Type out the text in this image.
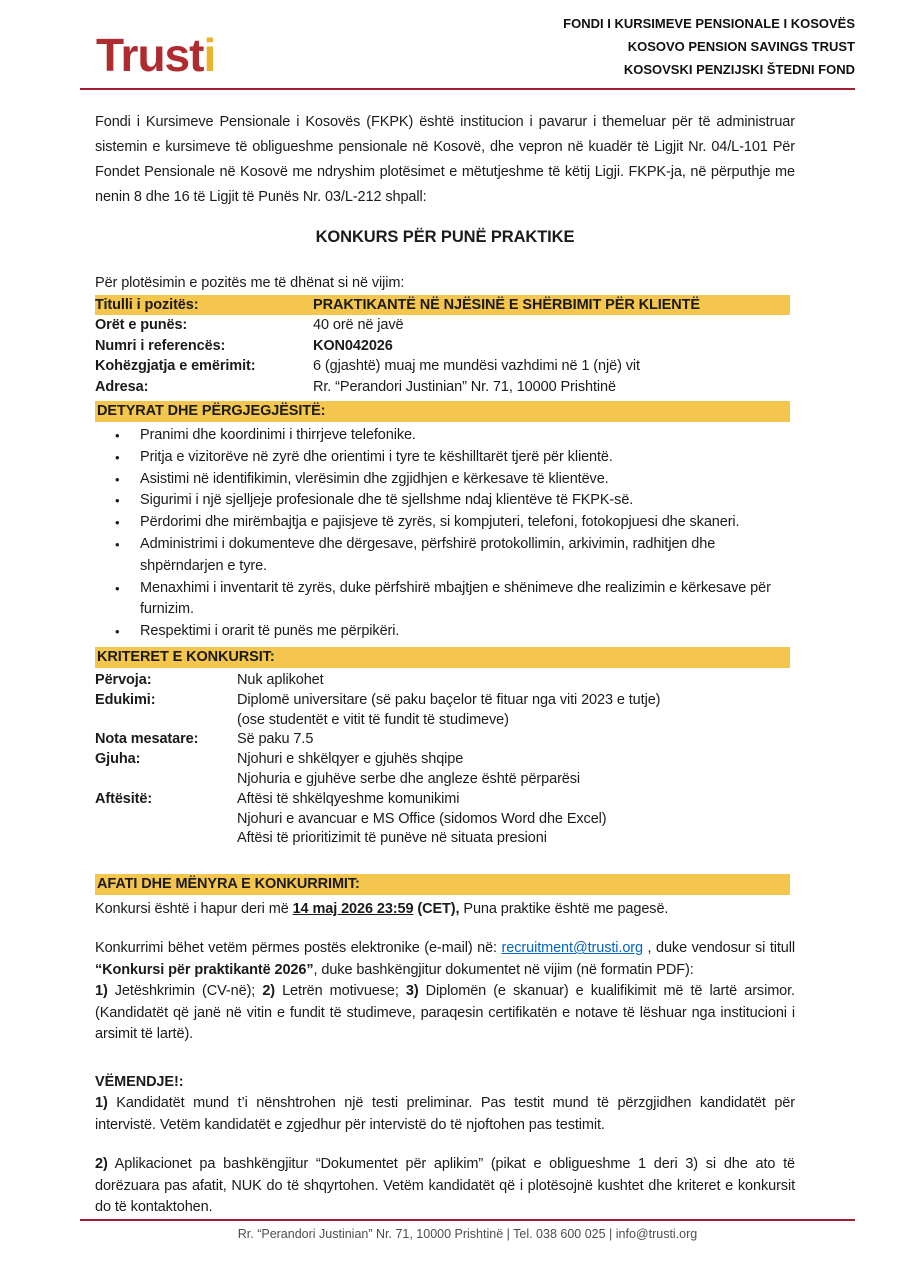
Trusti
FONDI I KURSIMEVE PENSIONALE I KOSOVËS
KOSOVO PENSION SAVINGS TRUST
KOSOVSKI PENZIJSKI ŠTEDNI FOND

Fondi i Kursimeve Pensionale i Kosovës (FKPK) është institucion i pavarur i themeluar për të administruar sistemin e kursimeve të obligueshme pensionale në Kosovë, dhe vepron në kuadër të Ligjit Nr. 04/L-101 Për Fondet Pensionale në Kosovë me ndryshim plotësimet e mëtutjeshme të këtij Ligji. FKPK-ja, në përputhje me nenin 8 dhe 16 të Ligjit të Punës Nr. 03/L-212 shpall:

KONKURS PËR PUNË PRAKTIKE
Për plotësimin e pozitës me të dhënat si në vijim:
Titulli i pozitës:	PRAKTIKANTË NË NJËSINË E SHËRBIMIT PËR KLIENTË
Orët e punës:	40 orë në javë
Numri i referencës:	KON042026
Kohëzgjatja e emërimit:	6 (gjashtë) muaj me mundësi vazhdimi në 1 (një) vit
Adresa:	Rr. “Perandori Justinian” Nr. 71, 10000 Prishtinë
DETYRAT DHE PËRGJEGJËSITË:
•	Pranimi dhe koordinimi i thirrjeve telefonike.
•	Pritja e vizitorëve në zyrë dhe orientimi i tyre te këshilltarët tjerë për klientë.
•	Asistimi në identifikimin, vlerësimin dhe zgjidhjen e kërkesave të klientëve.
•	Sigurimi i një sjelljeje profesionale dhe të sjellshme ndaj klientëve të FKPK-së.
•	Përdorimi dhe mirëmbajtja e pajisjeve të zyrës, si kompjuteri, telefoni, fotokopjuesi dhe skaneri.
•	Administrimi i dokumenteve dhe dërgesave, përfshirë protokollimin, arkivimin, radhitjen dhe shpërndarjen e tyre.
•	Menaxhimi i inventarit të zyrës, duke përfshirë mbajtjen e shënimeve dhe realizimin e kërkesave për furnizim.
•	Respektimi i orarit të punës me përpikëri.
KRITERET E KONKURSIT:
Përvoja:	Nuk aplikohet
Edukimi:	Diplomë universitare (së paku baçelor të fituar nga viti 2023 e tutje)
(ose studentët e vitit të fundit të studimeve)
Nota mesatare:	Së paku 7.5
Gjuha:	Njohuri e shkëlqyer e gjuhës shqipe
Njohuria e gjuhëve serbe dhe angleze është përparësi
Aftësitë:	Aftësi të shkëlqyeshme komunikimi
Njohuri e avancuar e MS Office (sidomos Word dhe Excel)
Aftësi të prioritizimit të punëve në situata presioni
AFATI DHE MËNYRA E KONKURRIMIT:
Konkursi është i hapur deri më 14 maj 2026 23:59 (CET), Puna praktike është me pagesë.

Konkurrimi bëhet vetëm përmes postës elektronike (e-mail) në: recruitment@trusti.org , duke vendosur si titull “Konkursi për praktikantë 2026”, duke bashkëngjitur dokumentet në vijim (në formatin PDF):

1) Jetëshkrimin (CV-në); 2) Letrën motivuese; 3) Diplomën (e skanuar) e kualifikimit më të lartë arsimor. (Kandidatët që janë në vitin e fundit të studimeve, paraqesin certifikatën e notave të lëshuar nga institucioni i arsimit të lartë).

VËMENDJE!:

1) Kandidatët mund t’i nënshtrohen një testi preliminar. Pas testit mund të përzgjidhen kandidatët për intervistë. Vetëm kandidatët e zgjedhur për intervistë do të njoftohen pas testimit.

2) Aplikacionet pa bashkëngjitur “Dokumentet për aplikim” (pikat e obligueshme 1 deri 3) si dhe ato të dorëzuara pas afatit, NUK do të shqyrtohen. Vetëm kandidatët që i plotësojnë kushtet dhe kriteret e konkursit do të kontaktohen.

Rr. “Perandori Justinian” Nr. 71, 10000 Prishtinë | Tel. 038 600 025 | info@trusti.org
